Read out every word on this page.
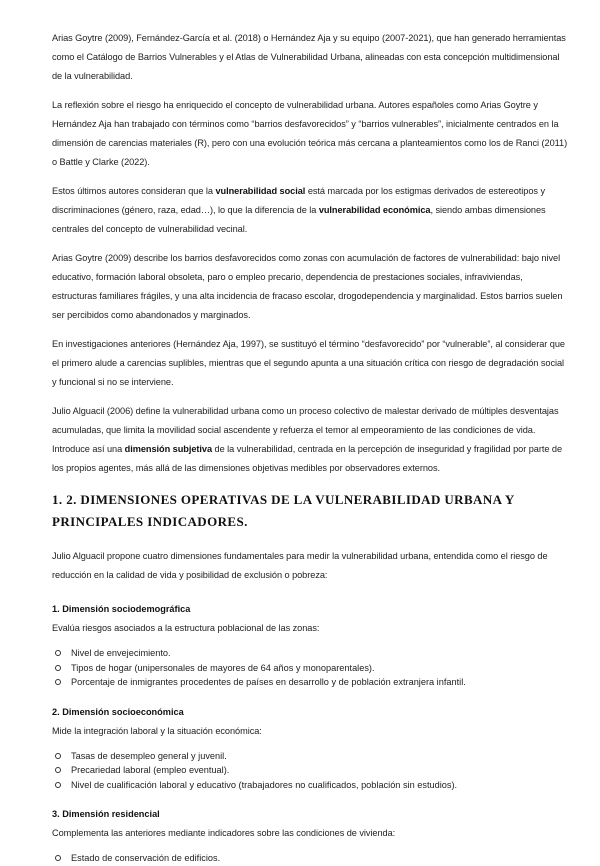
Arias Goytre (2009), Fernández-García et al. (2018) o Hernández Aja y su equipo (2007-2021), que han generado herramientas como el Catálogo de Barrios Vulnerables y el Atlas de Vulnerabilidad Urbana, alineadas con esta concepción multidimensional de la vulnerabilidad.

La reflexión sobre el riesgo ha enriquecido el concepto de vulnerabilidad urbana. Autores españoles como Arias Goytre y Hernández Aja han trabajado con términos como “barrios desfavorecidos” y “barrios vulnerables”, inicialmente centrados en la dimensión de carencias materiales (R), pero con una evolución teórica más cercana a planteamientos como los de Ranci (2011) o Battle y Clarke (2022).

Estos últimos autores consideran que la vulnerabilidad social está marcada por los estigmas derivados de estereotipos y discriminaciones (género, raza, edad…), lo que la diferencia de la vulnerabilidad económica, siendo ambas dimensiones centrales del concepto de vulnerabilidad vecinal.

Arias Goytre (2009) describe los barrios desfavorecidos como zonas con acumulación de factores de vulnerabilidad: bajo nivel educativo, formación laboral obsoleta, paro o empleo precario, dependencia de prestaciones sociales, infraviviendas, estructuras familiares frágiles, y una alta incidencia de fracaso escolar, drogodependencia y marginalidad. Estos barrios suelen ser percibidos como abandonados y marginados.

En investigaciones anteriores (Hernández Aja, 1997), se sustituyó el término “desfavorecido” por “vulnerable”, al considerar que el primero alude a carencias suplibles, mientras que el segundo apunta a una situación crítica con riesgo de degradación social y funcional si no se interviene.

Julio Alguacil (2006) define la vulnerabilidad urbana como un proceso colectivo de malestar derivado de múltiples desventajas acumuladas, que limita la movilidad social ascendente y refuerza el temor al empeoramiento de las condiciones de vida. Introduce así una dimensión subjetiva de la vulnerabilidad, centrada en la percepción de inseguridad y fragilidad por parte de los propios agentes, más allá de las dimensiones objetivas medibles por observadores externos.

1. 2. DIMENSIONES OPERATIVAS DE LA VULNERABILIDAD URBANA Y PRINCIPALES INDICADORES.

Julio Alguacil propone cuatro dimensiones fundamentales para medir la vulnerabilidad urbana, entendida como el riesgo de reducción en la calidad de vida y posibilidad de exclusión o pobreza:

1. Dimensión sociodemográfica

Evalúa riesgos asociados a la estructura poblacional de las zonas:

Nivel de envejecimiento.
Tipos de hogar (unipersonales de mayores de 64 años y monoparentales).
Porcentaje de inmigrantes procedentes de países en desarrollo y de población extranjera infantil.
2. Dimensión socioeconómica

Mide la integración laboral y la situación económica:

Tasas de desempleo general y juvenil.
Precariedad laboral (empleo eventual).
Nivel de cualificación laboral y educativo (trabajadores no cualificados, población sin estudios).
3. Dimensión residencial

Complementa las anteriores mediante indicadores sobre las condiciones de vivienda:

Estado de conservación de edificios.
